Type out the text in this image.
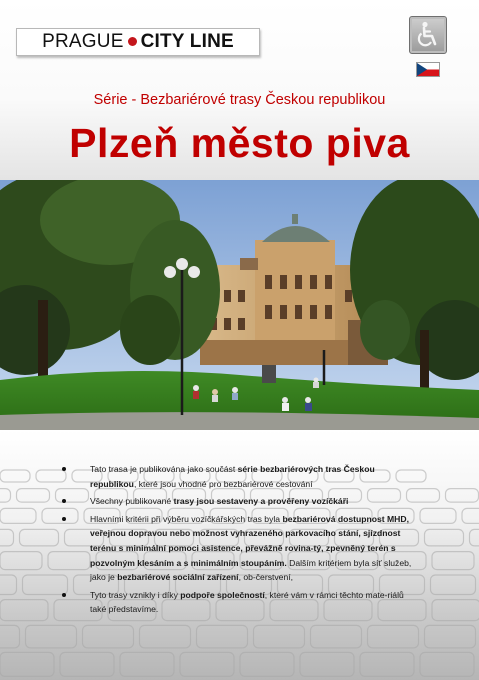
PRAGUE CITY LINE
Série - Bezbariérové trasy Českou republikou
Plzeň město piva
Tato trasa je publikována jako součást série bezbariérových tras Českou republikou, které jsou vhodné pro bezbariérové cestování
Všechny publikované trasy jsou sestaveny a prověřeny vozíčkáři
Hlavními kritérii při výběru vozíčkářských tras byla bezbariérová dostupnost MHD, veřejnou dopravou nebo možnost vyhrazeného parkovacího stání, sjízdnost terénu s minimální pomoci asistence, převážně rovina-tý, zpevněný terén s pozvolným klesáním a s minimálním stoupáním. Dalším kritériem byla síť služeb, jako je bezbariérové sociální zařízení, ob-čerstvení,
Tyto trasy vznikly i díky podpoře společností, které vám v rámci těchto mate-riálů také představíme.
